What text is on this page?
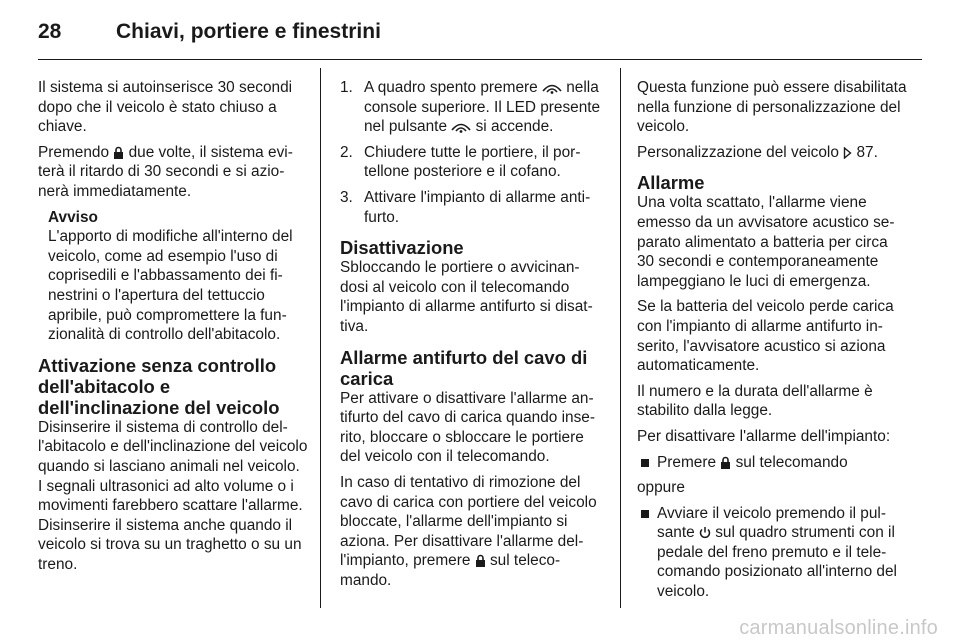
28	Chiavi, portiere e finestrini

Il sistema si autoinserisce 30 secondi dopo che il veicolo è stato chiuso a chiave.

Premendo due volte, il sistema eviterà il ritardo di 30 secondi e si azionerà immediatamente.

Avviso
L'apporto di modifiche all'interno del veicolo, come ad esempio l'uso di coprisedili e l'abbassamento dei finestrini o l'apertura del tettuccio apribile, può compromettere la funzionalità di controllo dell'abitacolo.
Attivazione senza controllo dell'abitacolo e dell'inclinazione del veicolo

Disinserire il sistema di controllo dell'abitacolo e dell'inclinazione del veicolo quando si lasciano animali nel veicolo. I segnali ultrasonici ad alto volume o i movimenti farebbero scattare l'allarme. Disinserire il sistema anche quando il veicolo si trova su un traghetto o su un treno.

1. A quadro spento premere nella console superiore. Il LED presente nel pulsante si accende.
2. Chiudere tutte le portiere, il portellone posteriore e il cofano.
3. Attivare l'impianto di allarme antifurto.
Disattivazione

Sbloccando le portiere o avvicinandosi al veicolo con il telecomando l'impianto di allarme antifurto si disattiva.

Allarme antifurto del cavo di carica

Per attivare o disattivare l'allarme antifurto del cavo di carica quando inserito, bloccare o sbloccare le portiere del veicolo con il telecomando.

In caso di tentativo di rimozione del cavo di carica con portiere del veicolo bloccate, l'allarme dell'impianto si aziona. Per disattivare l'allarme dell'impianto, premere sul telecomando.

Questa funzione può essere disabilitata nella funzione di personalizzazione del veicolo.

Personalizzazione del veicolo 87.

Allarme

Una volta scattato, l'allarme viene emesso da un avvisatore acustico separato alimentato a batteria per circa 30 secondi e contemporaneamente lampeggiano le luci di emergenza.

Se la batteria del veicolo perde carica con l'impianto di allarme antifurto inserito, l'avvisatore acustico si aziona automaticamente.

Il numero e la durata dell'allarme è stabilito dalla legge.

Per disattivare l'allarme dell'impianto:

Premere sul telecomando

oppure

Avviare il veicolo premendo il pulsante sul quadro strumenti con il pedale del freno premuto e il telecomando posizionato all'interno del veicolo.
carmanualsonline.info
